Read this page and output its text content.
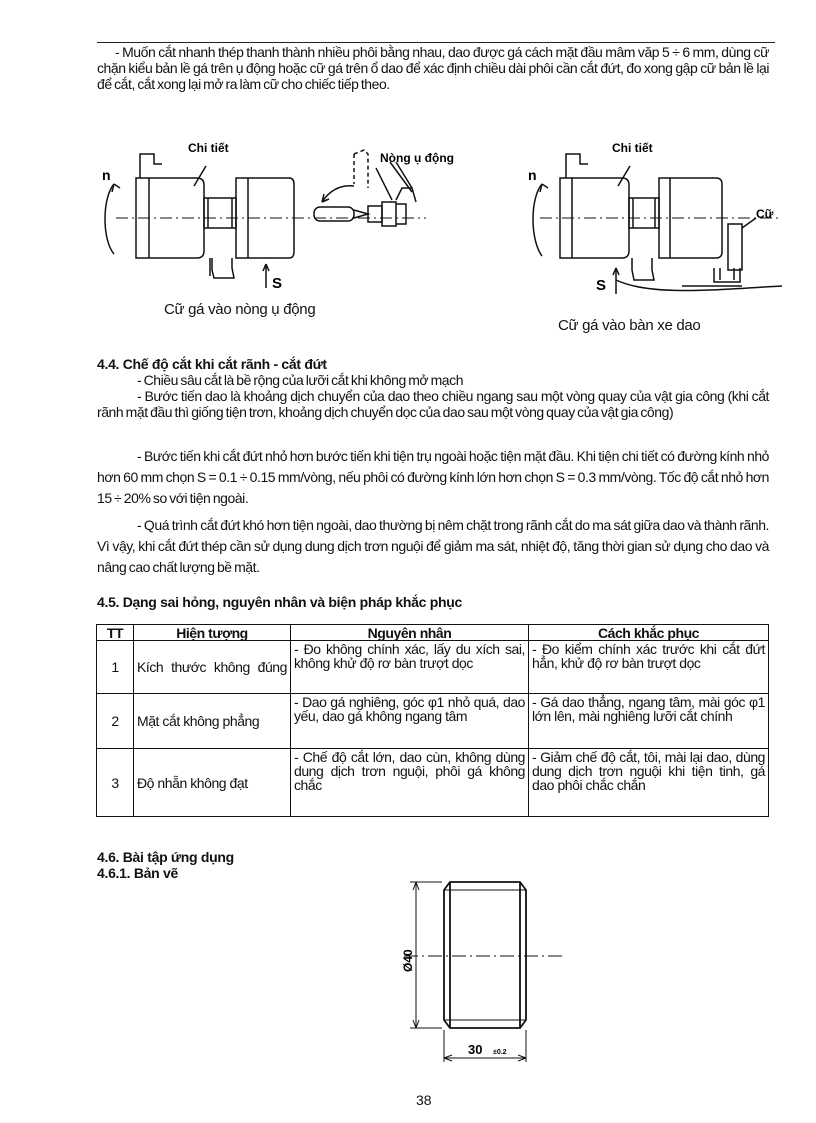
- Muốn cắt nhanh thép thanh thành nhiều phôi bằng nhau, dao được gá cách mặt đầu mâm văp 5 ÷ 6 mm, dùng cữ chặn kiểu bản lề gá trên ụ động hoặc cữ gá trên ổ dao để xác định chiều dài phôi cần cắt đứt, đo xong gập cữ bản lề lại để cắt, cắt xong lại mở ra làm cữ cho chiếc tiếp theo.
n
Chi tiết
Nòng ụ động
S
Cữ gá vào nòng ụ động
n
Chi tiết
Cữ
S
Cữ gá vào bàn xe dao
4.4. Chế độ cắt khi cắt rãnh - cắt đứt
- Chiều sâu cắt là bề rộng của lưỡi cắt khi không mở mạch
- Bước tiến dao là khoảng dịch chuyển của dao theo chiều ngang sau một vòng quay của vật gia công (khi cắt rãnh mặt đầu thì giống tiện trơn, khoảng dịch chuyển dọc của dao sau một vòng quay của vật gia công)
- Bước tiến khi cắt đứt nhỏ hơn bước tiến khi tiện trụ ngoài hoặc tiện mặt đầu. Khi tiện chi tiết có đường kính nhỏ hơn 60 mm chọn S = 0.1 ÷ 0.15 mm/vòng, nếu phôi có đường kính lớn hơn chọn S = 0.3 mm/vòng. Tốc độ cắt nhỏ hơn 15 ÷ 20% so với tiện ngoài.
- Quá trình cắt đứt khó hơn tiện ngoài, dao thường bị nêm chặt trong rãnh cắt do ma sát giữa dao và thành rãnh. Vì vậy, khi cắt đứt thép cần sử dụng dung dịch trơn nguội để giảm ma sát, nhiệt độ, tăng thời gian sử dụng cho dao và nâng cao chất lượng bề mặt.
4.5. Dạng sai hỏng, nguyên nhân và biện pháp khắc phục
TT	Hiện tượng	Nguyên nhân	Cách khắc phục
1	Kích thước không đúng	- Đo không chính xác, lấy du xích sai, không khử độ rơ bàn trượt dọc	- Đo kiểm chính xác trước khi cắt đứt hẳn, khử độ rơ bàn trượt dọc
2	Mặt cắt không phẳng	- Dao gá nghiêng, góc φ1 nhỏ quá, dao yếu, dao gá không ngang tâm	- Gá dao thẳng, ngang tâm, mài góc φ1 lớn lên, mài nghiêng lưỡi cắt chính
3	Độ nhẵn không đạt	- Chế độ cắt lớn, dao cùn, không dùng dung dịch trơn nguội, phôi gá không chắc	- Giảm chế độ cắt, tôi, mài lại dao, dùng dung dịch trơn nguội khi tiện tinh, gá dao phôi chắc chắn
4.6. Bài tập ứng dụng
4.6.1. Bản vẽ
Ø40
30 ±0.2
38
